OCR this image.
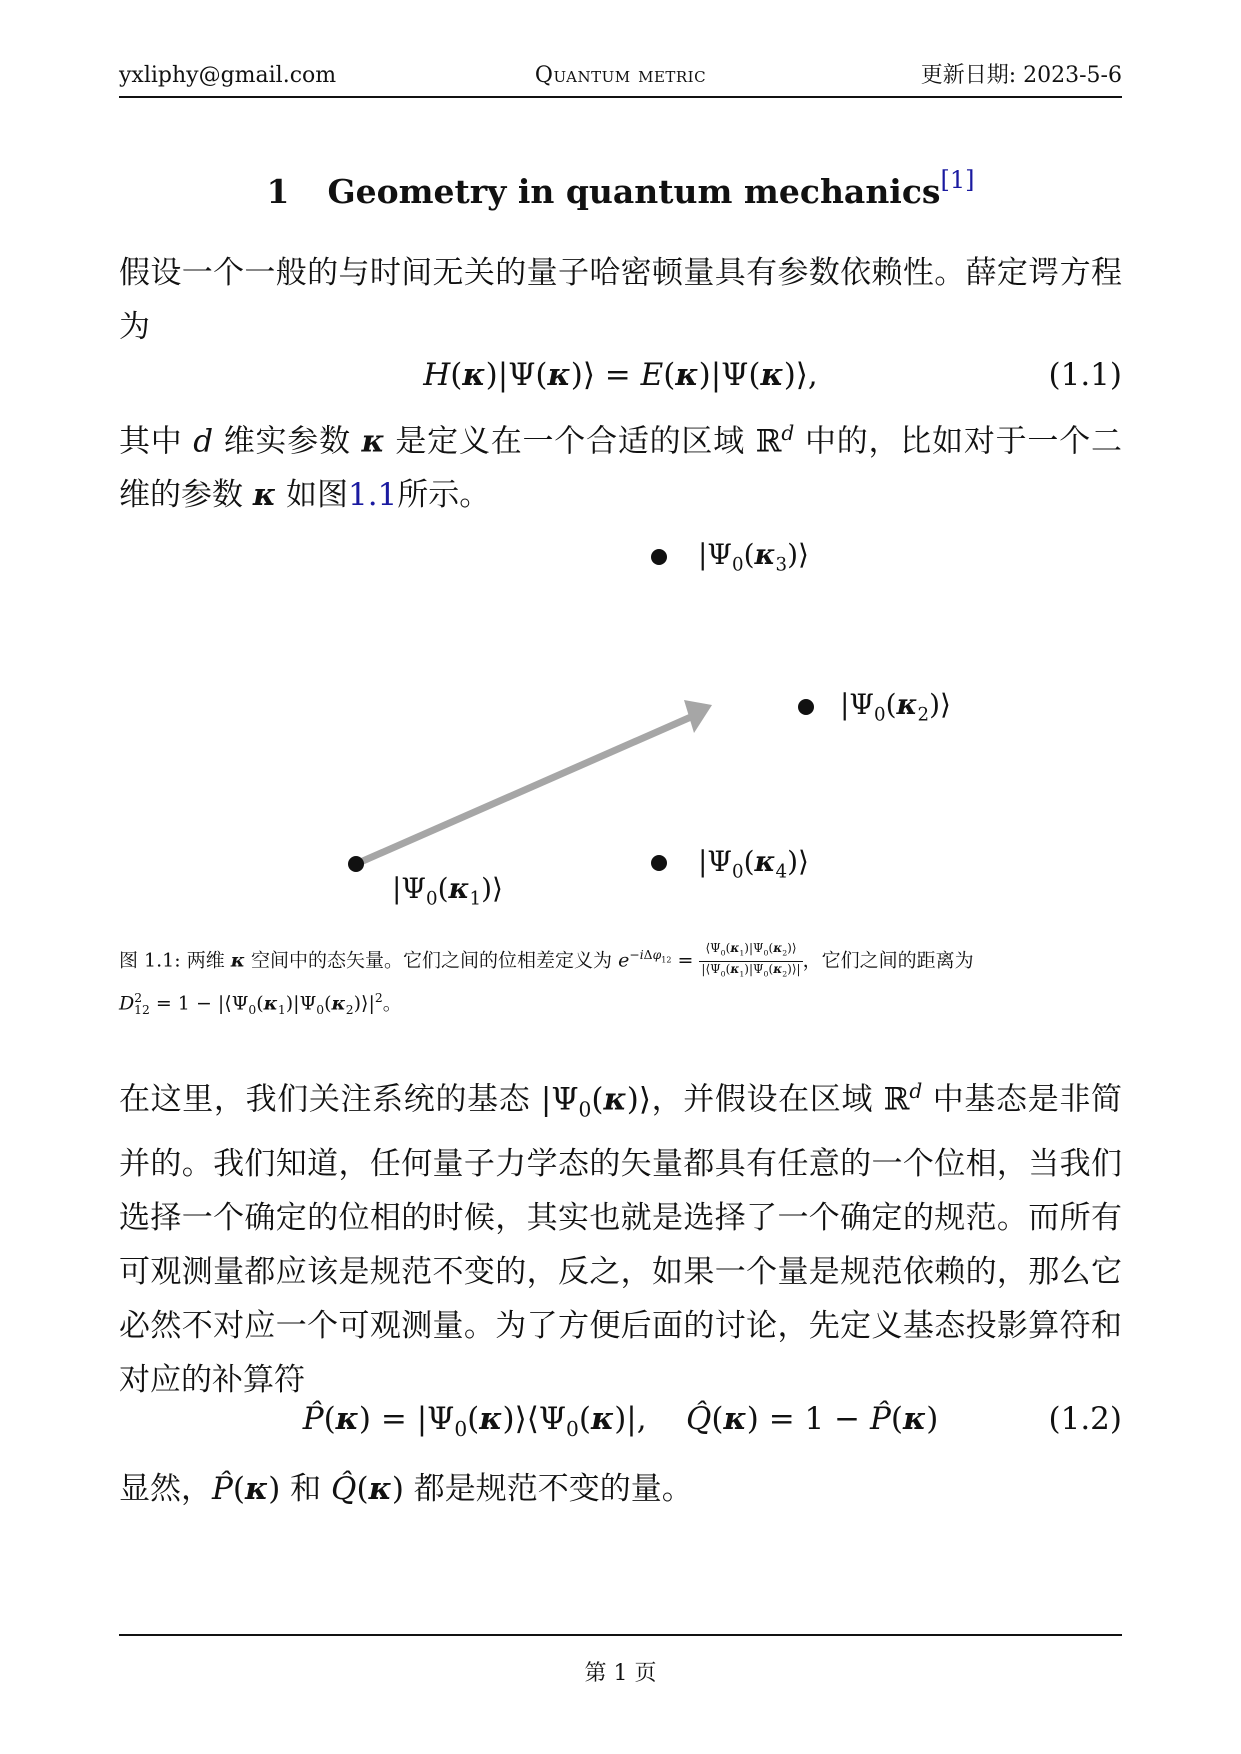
yxliphy@gmail.com	Quantum metric	更新日期: 2023-5-6
1 Geometry in quantum mechanics[1]

假设一个一般的与时间无关的量子哈密顿量具有参数依赖性。薛定谔方程为

H(κ)|Ψ(κ)⟩ = E(κ)|Ψ(κ)⟩,	(1.1)

其中 d 维实参数 κ 是定义在一个合适的区域 ℝ$^d$ 中的，比如对于一个二维的参数 κ 如图1.1所示。

$|\Psi_0(\kappa_1)⟩$
$|\Psi_0(\kappa_2)⟩$
$|\Psi_0(\kappa_3)⟩$
$|\Psi_0(\kappa_4)⟩$
图 1.1: 两维 κ 空间中的态矢量。它们之间的位相差定义为 $e^{-i\Delta\varphi_{12}} = \frac{⟨\Psi_0(\kappa_1)|\Psi_0(\kappa_2)⟩}{|⟨\Psi_0(\kappa_1)|\Psi_0(\kappa_2)⟩|}$ ，它们之间的距离为
$D^2_{12} = 1$ − $|⟨\Psi_0(\kappa_1)|\Psi_0(\kappa_2)⟩|^2$。

在这里，我们关注系统的基态 $|\Psi_0(\kappa)⟩$，并假设在区域 ℝ$^d$ 中基态是非简并的。我们知道，任何量子力学态的矢量都具有任意的一个位相，当我们选择一个确定的位相的时候，其实也就是选择了一个确定的规范。而所有可观测量都应该是规范不变的，反之，如果一个量是规范依赖的，那么它必然不对应一个可观测量。为了方便后面的讨论，先定义基态投影算符和对应的补算符

P̂(κ) = $|\Psi_0(\kappa)⟩⟨\Psi_0(\kappa)|$,    Q̂(κ) = 1 − P̂(κ)	(1.2)

显然，P̂(κ) 和 Q̂(κ) 都是规范不变的量。

第 1 页
